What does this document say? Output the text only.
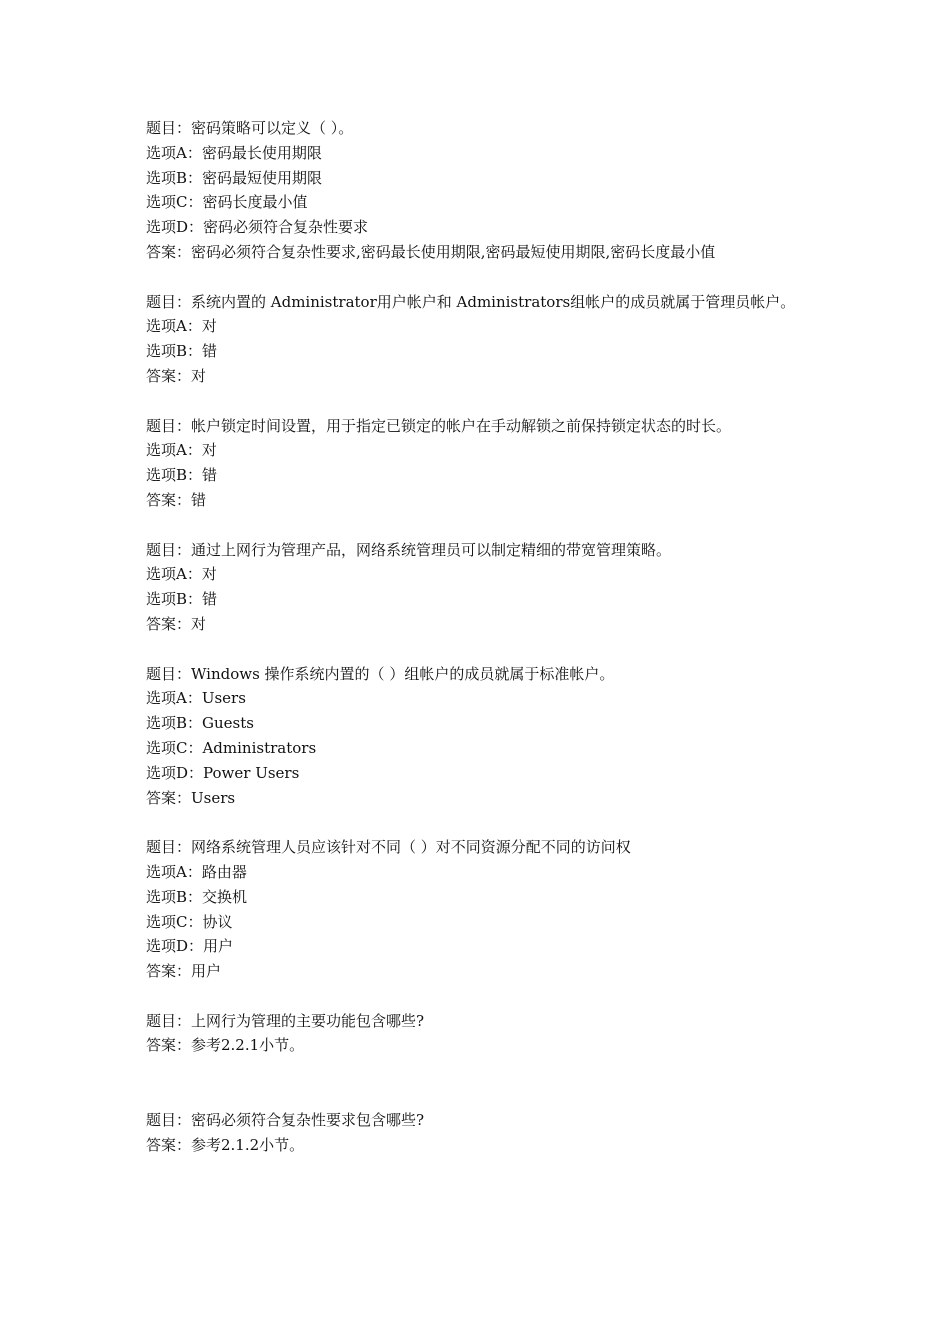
题目：密码策略可以定义（ ）。
选项A：密码最长使用期限
选项B：密码最短使用期限
选项C：密码长度最小值
选项D：密码必须符合复杂性要求
答案：密码必须符合复杂性要求,密码最长使用期限,密码最短使用期限,密码长度最小值
题目：系统内置的 Administrator用户帐户和 Administrators组帐户的成员就属于管理员帐户。
选项A：对
选项B：错
答案：对
题目：帐户锁定时间设置，用于指定已锁定的帐户在手动解锁之前保持锁定状态的时长。
选项A：对
选项B：错
答案：错
题目：通过上网行为管理产品，网络系统管理员可以制定精细的带宽管理策略。
选项A：对
选项B：错
答案：对
题目：Windows 操作系统内置的（ ）组帐户的成员就属于标准帐户。
选项A：Users
选项B：Guests
选项C：Administrators
选项D：Power Users
答案：Users
题目：网络系统管理人员应该针对不同（ ）对不同资源分配不同的访问权
选项A：路由器
选项B：交换机
选项C：协议
选项D：用户
答案：用户
题目：上网行为管理的主要功能包含哪些?
答案：参考2.2.1小节。
题目：密码必须符合复杂性要求包含哪些?
答案：参考2.1.2小节。
